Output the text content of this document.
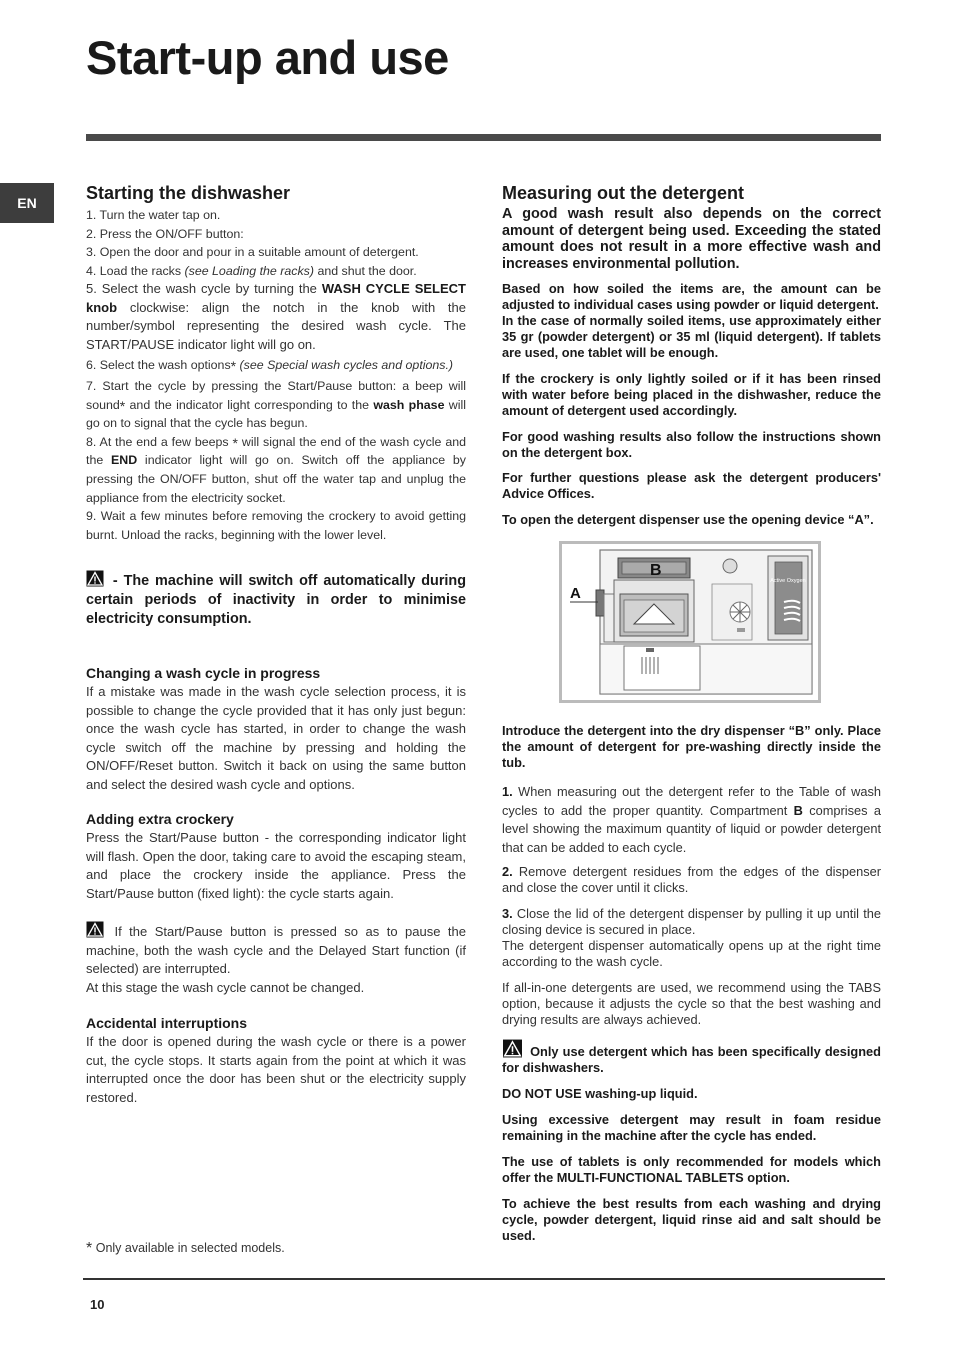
Start-up and use
EN	Starting the dishwasher

1. Turn the water tap on.

2. Press the ON/OFF button:

3. Open the door and pour in a suitable amount of detergent.

4. Load the racks (see Loading the racks) and shut the door.

5. Select the wash cycle by turning the WASH CYCLE SELECT knob clockwise: align the notch in the knob with the number/symbol representing the desired wash cycle. The START/PAUSE indicator light will go on.

6. Select the wash options* (see Special wash cycles and options.)

7. Start the cycle by pressing the Start/Pause button: a beep will sound* and the indicator light corresponding to the wash phase will go on to signal that the cycle has begun.

8. At the end a few beeps * will signal the end of the wash cycle and the END indicator light will go on. Switch off the appliance by pressing the ON/OFF button, shut off the water tap and unplug the appliance from the electricity socket.

9. Wait a few minutes before removing the crockery to avoid getting burnt. Unload the racks, beginning with the lower level.

- The machine will switch off automatically during certain periods of inactivity in order to minimise electricity consumption.

Changing a wash cycle in progress

If a mistake was made in the wash cycle selection process, it is possible to change the cycle provided that it has only just begun: once the wash cycle has started, in order to change the wash cycle switch off the machine by pressing and holding the ON/OFF/Reset button. Switch it back on using the same button and select the desired wash cycle and options.

Adding extra crockery

Press the Start/Pause button - the corresponding indicator light will flash. Open the door, taking care to avoid the escaping steam, and place the crockery inside the appliance. Press the Start/Pause button (fixed light): the cycle starts again.

If the Start/Pause button is pressed so as to pause the machine, both the wash cycle and the Delayed Start function (if selected) are interrupted.

At this stage the wash cycle cannot be changed.

Accidental interruptions

If the door is opened during the wash cycle or there is a power cut, the cycle stops. It starts again from the point at which it was interrupted once the door has been shut or the electricity supply restored.

Measuring out the detergent

A good wash result also depends on the correct amount of detergent being used. Exceeding the stated amount does not result in a more effective wash and increases environmental pollution.

Based on how soiled the items are, the amount can be adjusted to individual cases using powder or liquid detergent.

In the case of normally soiled items, use approximately either 35 gr (powder detergent) or 35 ml (liquid detergent). If tablets are used, one tablet will be enough.

If the crockery is only lightly soiled or if it has been rinsed with water before being placed in the dishwasher, reduce the amount of detergent used accordingly.

For good washing results also follow the instructions shown on the detergent box.

For further questions please ask the detergent producers' Advice Offices.

To open the detergent dispenser use the opening device “A”.

Active Oxygen
A
B

Introduce the detergent into the dry dispenser “B” only. Place the amount of detergent for pre-washing directly inside the tub.

1. When measuring out the detergent refer to the Table of wash cycles to add the proper quantity. Compartment B comprises a level showing the maximum quantity of liquid or powder detergent that can be added to each cycle.

2. Remove detergent residues from the edges of the dispenser and close the cover until it clicks.

3. Close the lid of the detergent dispenser by pulling it up until the closing device is secured in place.

The detergent dispenser automatically opens up at the right time according to the wash cycle.

If all-in-one detergents are used, we recommend using the TABS option, because it adjusts the cycle so that the best washing and drying results are always achieved.

Only use detergent which has been specifically designed for dishwashers.

DO NOT USE washing-up liquid.

Using excessive detergent may result in foam residue remaining in the machine after the cycle has ended.

The use of tablets is only recommended for models which offer the MULTI-FUNCTIONAL TABLETS option.

To achieve the best results from each washing and drying cycle, powder detergent, liquid rinse aid and salt should be used.

* Only available in selected models.
10
